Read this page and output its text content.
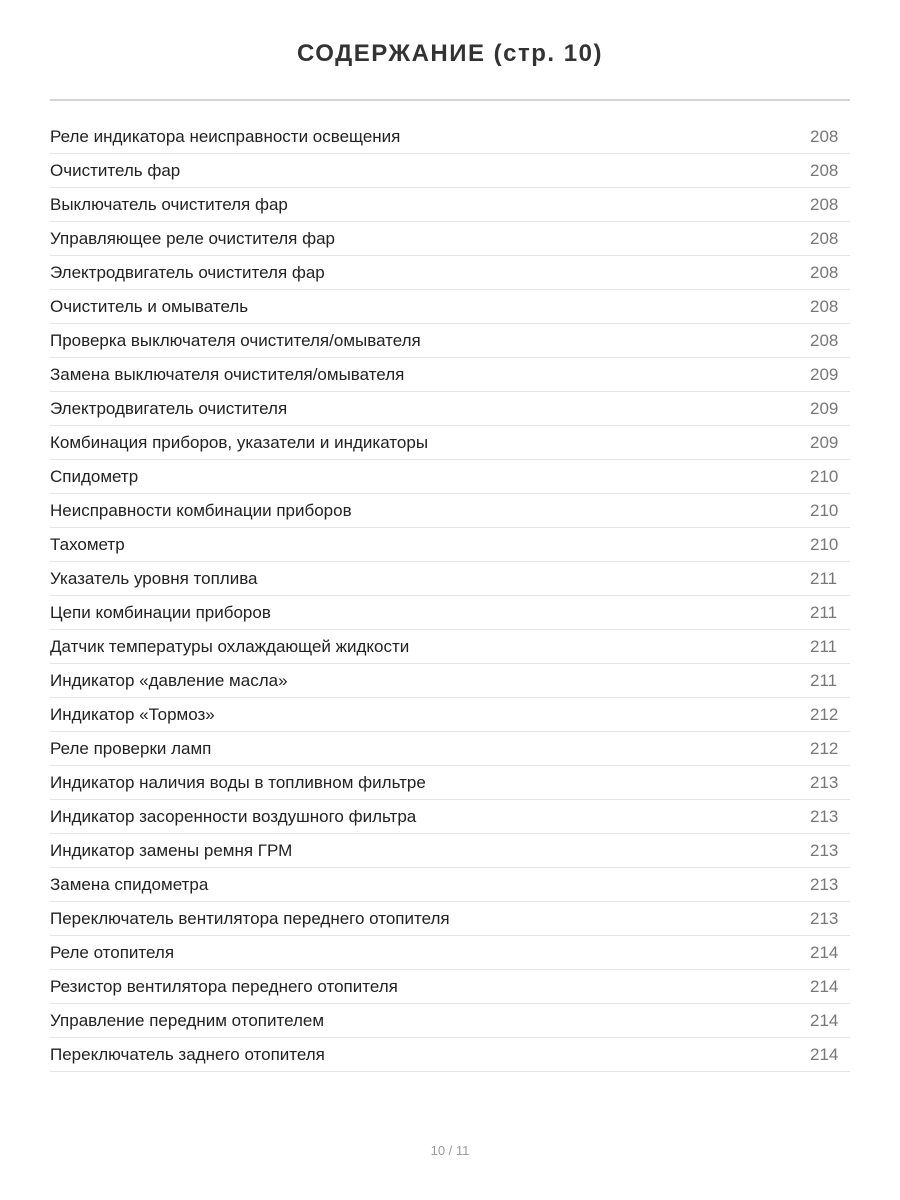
СОДЕРЖАНИЕ (стр. 10)
Реле индикатора неисправности освещения	208
Очиститель фар	208
Выключатель очистителя фар	208
Управляющее реле очистителя фар	208
Электродвигатель очистителя фар	208
Очиститель и омыватель	208
Проверка выключателя очистителя/омывателя	208
Замена выключателя очистителя/омывателя	209
Электродвигатель очистителя	209
Комбинация приборов, указатели и индикаторы	209
Спидометр	210
Неисправности комбинации приборов	210
Тахометр	210
Указатель уровня топлива	211
Цепи комбинации приборов	211
Датчик температуры охлаждающей жидкости	211
Индикатор «давление масла»	211
Индикатор «Тормоз»	212
Реле проверки ламп	212
Индикатор наличия воды в топливном фильтре	213
Индикатор засоренности воздушного фильтра	213
Индикатор замены ремня ГРМ	213
Замена спидометра	213
Переключатель вентилятора переднего отопителя	213
Реле отопителя	214
Резистор вентилятора переднего отопителя	214
Управление передним отопителем	214
Переключатель заднего отопителя	214
10 / 11
